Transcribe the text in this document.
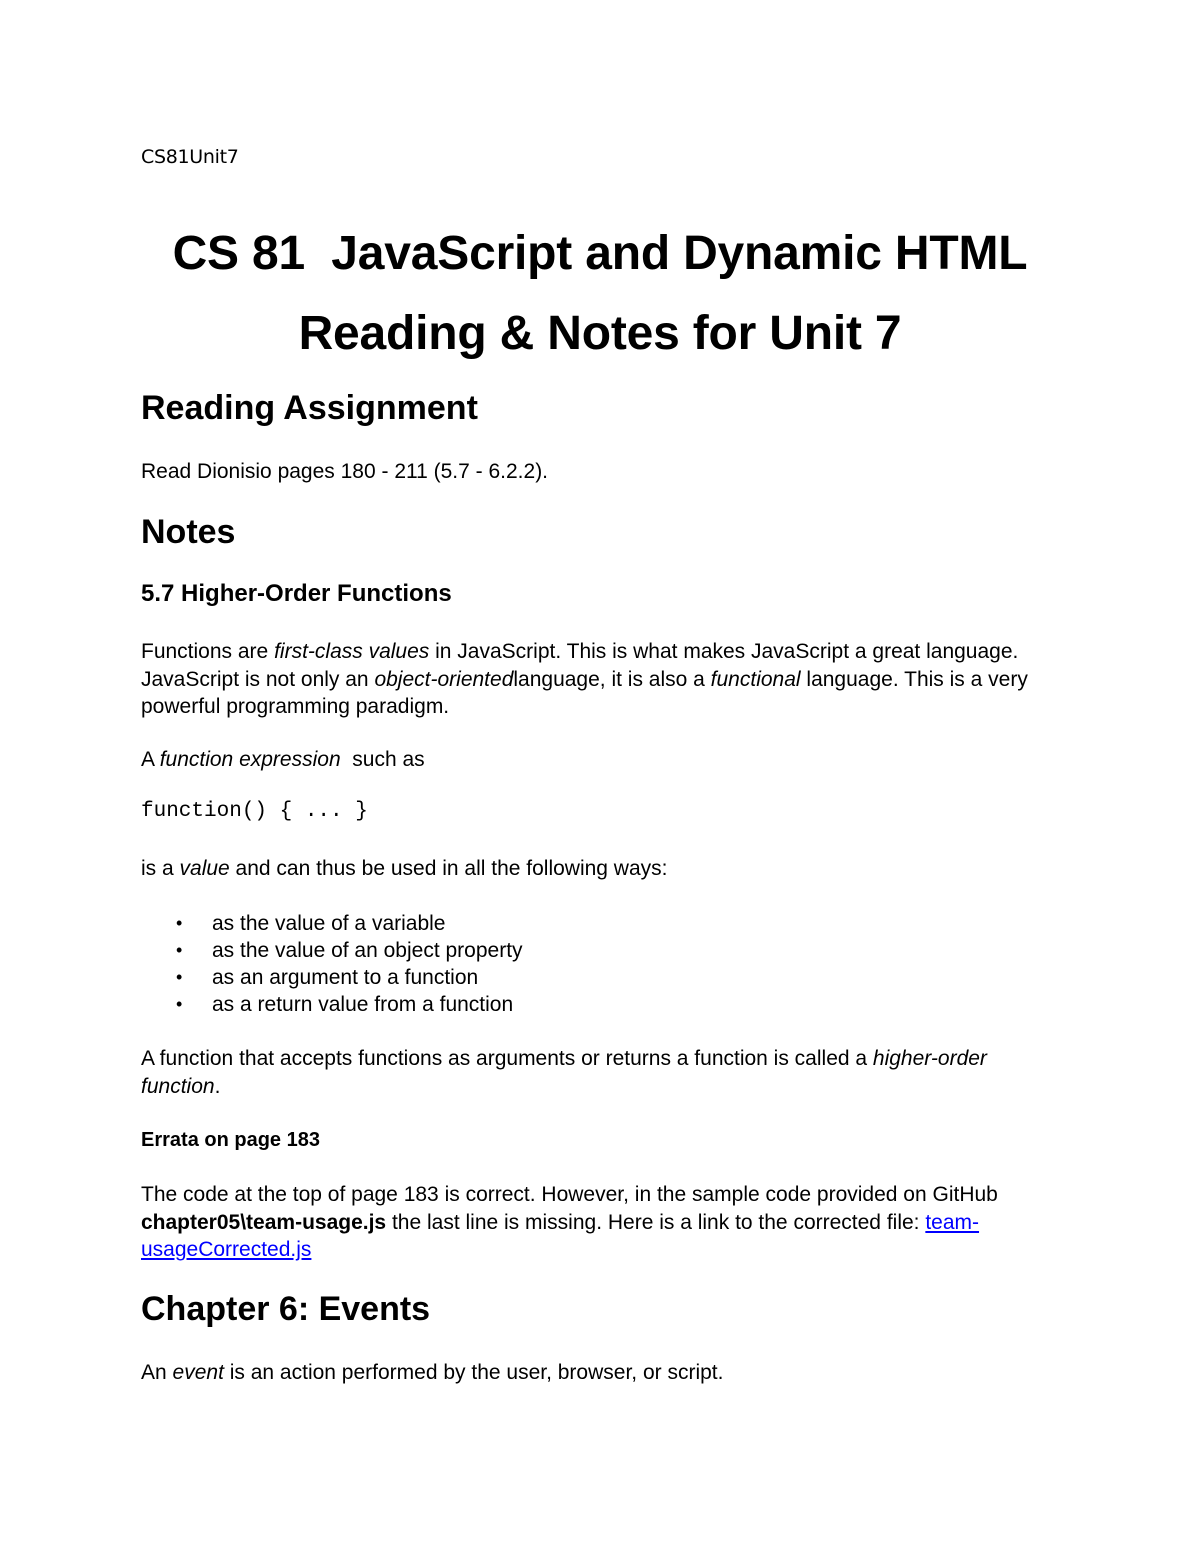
CS81Unit7
CS 81  JavaScript and Dynamic HTML
Reading & Notes for Unit 7
Reading Assignment
Read Dionisio pages 180 - 211 (5.7 - 6.2.2).
Notes
5.7 Higher-Order Functions
Functions are first-class values in JavaScript. This is what makes JavaScript a great language. JavaScript is not only an object-orientedlanguage, it is also a functional language. This is a very powerful programming paradigm.
A function expression  such as
function() { ... }
is a value and can thus be used in all the following ways:
• as the value of a variable
• as the value of an object property
• as an argument to a function
• as a return value from a function
A function that accepts functions as arguments or returns a function is called a higher-order function.
Errata on page 183
The code at the top of page 183 is correct. However, in the sample code provided on GitHub chapter05\team-usage.js the last line is missing. Here is a link to the corrected file: team-usageCorrected.js
Chapter 6: Events
An event is an action performed by the user, browser, or script.
